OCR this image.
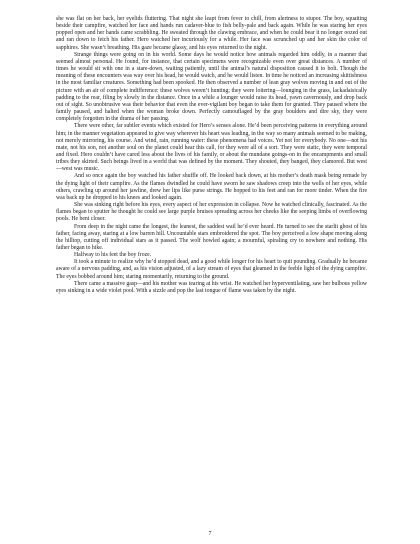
she was flat on her back, her eyelids fluttering. That night she leapt from fever to chill, from alertness to stupor. The boy, squatting beside their campfire, watched her face and hands run cadaver-blue to fish belly-pale and back again. While he was staring her eyes popped open and her hands came scrabbling. He sweated through the clawing embrace, and when he could bear it no longer oozed out and ran down to fetch his father. Hero watched her incuriously for a while. Her face was scrunched up and her skin the color of sapphires. She wasn’t breathing. His gaze became glassy, and his eyes returned to the night.

Strange things were going on in his world. Some days he would notice how animals regarded him oddly, in a manner that seemed almost personal. He found, for instance, that certain specimens were recognizable even over great distances. A number of times he would sit with one in a stare-down, waiting patiently, until the animal’s natural disposition caused it to bolt. Though the meaning of these encounters was way over his head, he would watch, and he would listen. In time he noticed an increasing skittishness in the most familiar creatures. Something had been spooked. He then observed a number of lean gray wolves moving in and out of the picture with an air of complete indifference: these wolves weren’t hunting; they were loitering—lounging in the grass, lackadaisically padding to the rear, filing by slowly in the distance. Once in a while a lounger would raise its head, yawn cavernously, and drop back out of sight. So unobtrusive was their behavior that even the ever-vigilant boy began to take them for granted. They paused where the family paused, and halted when the woman broke down. Perfectly camouflaged by the gray boulders and dire sky, they were completely forgotten in the drama of her passing.

There were other, far subtler events which existed for Hero’s senses alone. He’d been perceiving patterns in everything around him; in the manner vegetation appeared to give way wherever his heart was leading, in the way so many animals seemed to be making, not merely mirroring, his course. And wind, rain, running water: these phenomena had voices. Yet not for everybody. No one—not his mate, not his son, not another soul on the planet could hear this call, for they were all of a sort. They were static, they were temporal and fixed. Hero couldn’t have cared less about the lives of his family, or about the mundane goings-on in the encampments and small tribes they skirted. Such beings lived in a world that was defined by the moment. They shouted, they banged, they clamored. But west—west was music.

And so once again the boy watched his father shuffle off. He looked back down, at his mother’s death mask being remade by the dying light of their campfire. As the flames dwindled he could have sworn he saw shadows creep into the wells of her eyes, while others, crawling up around her jawline, drew her lips like purse strings. He hopped to his feet and ran for more tinder. When the fire was back up he dropped to his knees and looked again.

She was sinking right before his eyes, every aspect of her expression in collapse. Now he watched clinically, fascinated. As the flames began to sputter he thought he could see large purple bruises spreading across her cheeks like the seeping limbs of overflowing pools. He bent closer.

From deep in the night came the longest, the leanest, the saddest wail he’d ever heard. He turned to see the starlit ghost of his father, facing away, staring at a low barren hill. Uncountable stars embroidered the spot. The boy perceived a low shape moving along the hilltop, cutting off individual stars as it passed. The wolf howled again; a mournful, spiraling cry to nowhere and nothing. His father began to hike.

Halfway to his feet the boy froze.

It took a minute to realize why he’d stopped dead, and a good while longer for his heart to quit pounding. Gradually he became aware of a nervous padding, and, as his vision adjusted, of a lazy stream of eyes that gleamed in the feeble light of the dying campfire. The eyes bobbed around him; staring momentarily, returning to the ground.

There came a massive gasp—and his mother was tearing at his wrist. He watched her hyperventilating, saw her bulbous yellow eyes sinking in a wide violet pool. With a sizzle and pop the last tongue of flame was taken by the night.

7
